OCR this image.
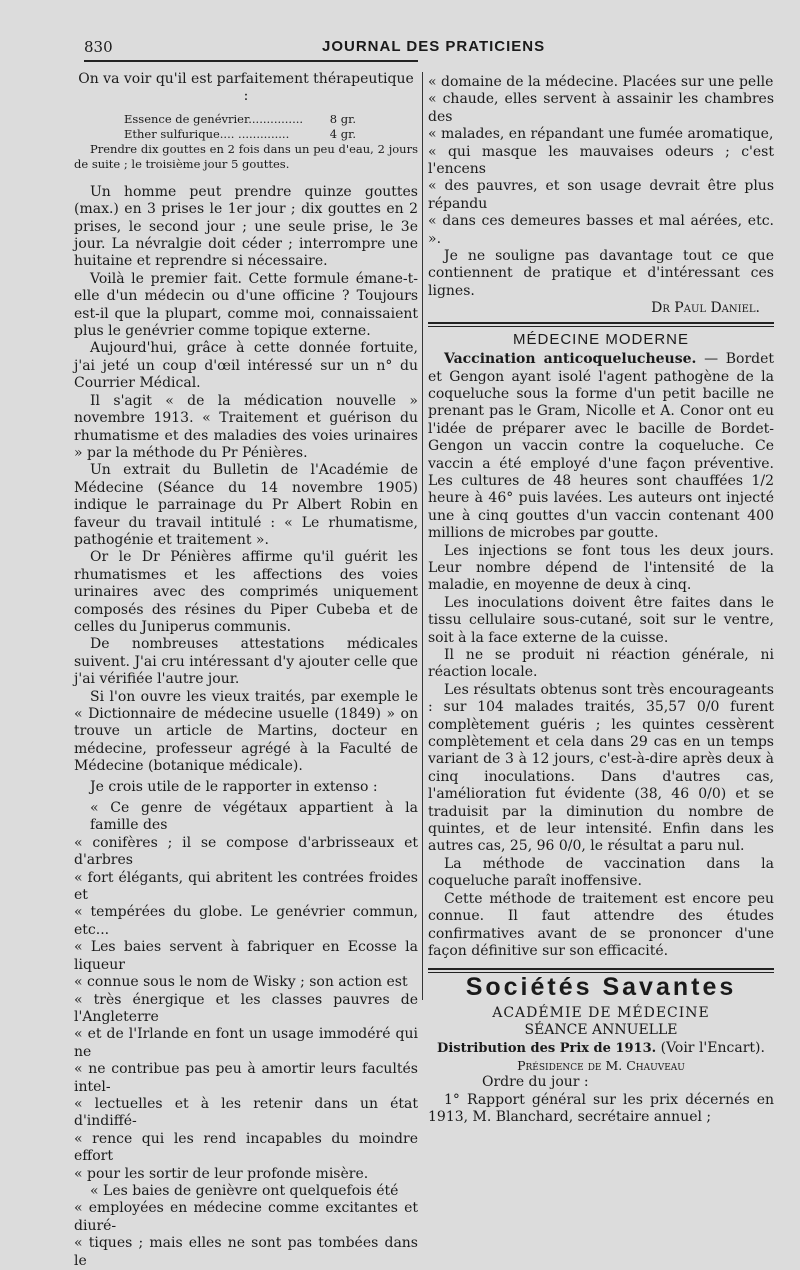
830	JOURNAL DES PRATICIENS

On va voir qu'il est parfaitement thérapeutique :

Essence de genévrier............... 8 gr.
Ether sulfurique.... ..............	4 gr.

Prendre dix gouttes en 2 fois dans un peu d'eau, 2 jours de suite ; le troisième jour 5 gouttes.

Un homme peut prendre quinze gouttes (max.) en 3 prises le 1er jour ; dix gouttes en 2 prises, le second jour ; une seule prise, le 3e jour. La névralgie doit céder ; interrompre une huitaine et reprendre si nécessaire.

Voilà le premier fait. Cette formule émane-t-elle d'un médecin ou d'une officine ? Toujours est-il que la plupart, comme moi, connaissaient plus le genévrier comme topique externe.

Aujourd'hui, grâce à cette donnée fortuite, j'ai jeté un coup d'œil intéressé sur un n° du Courrier Médical.

Il s'agit « de la médication nouvelle » novembre 1913. « Traitement et guérison du rhumatisme et des maladies des voies urinaires » par la méthode du Pr Pénières.

Un extrait du Bulletin de l'Académie de Médecine (Séance du 14 novembre 1905) indique le parrainage du Pr Albert Robin en faveur du travail intitulé : « Le rhumatisme, pathogénie et traitement ».

Or le Dr Pénières affirme qu'il guérit les rhumatismes et les affections des voies urinaires avec des comprimés uniquement composés des résines du Piper Cubeba et de celles du Juniperus communis.

De nombreuses attestations médicales suivent. J'ai cru intéressant d'y ajouter celle que j'ai vérifiée l'autre jour.

Si l'on ouvre les vieux traités, par exemple le « Dictionnaire de médecine usuelle (1849) » on trouve un article de Martins, docteur en médecine, professeur agrégé à la Faculté de Médecine (botanique médicale).

Je crois utile de le rapporter in extenso :

« Ce genre de végétaux appartient à la famille des
« conifères ; il se compose d'arbrisseaux et d'arbres
« fort élégants, qui abritent les contrées froides et
« tempérées du globe. Le genévrier commun, etc...
« Les baies servent à fabriquer en Ecosse la liqueur
« connue sous le nom de Wisky ; son action est
« très énergique et les classes pauvres de l'Angleterre
« et de l'Irlande en font un usage immodéré qui ne
« ne contribue pas peu à amortir leurs facultés intel-
« lectuelles et à les retenir dans un état d'indiffé-
« rence qui les rend incapables du moindre effort
« pour les sortir de leur profonde misère.
« Les baies de genièvre ont quelquefois été
« employées en médecine comme excitantes et diuré-
« tiques ; mais elles ne sont pas tombées dans le
« domaine de la médecine. Placées sur une pelle
« chaude, elles servent à assainir les chambres des
« malades, en répandant une fumée aromatique,
« qui masque les mauvaises odeurs ; c'est l'encens
« des pauvres, et son usage devrait être plus répandu
« dans ces demeures basses et mal aérées, etc. ».

Je ne souligne pas davantage tout ce que contiennent de pratique et d'intéressant ces lignes.

Dr Paul Daniel.

MÉDECINE MODERNE

Vaccination anticoqueluchеuse. — Bordet et Gengon ayant isolé l'agent pathogène de la coqueluche sous la forme d'un petit bacille ne prenant pas le Gram, Nicolle et A. Conor ont eu l'idée de préparer avec le bacille de Bordet-Gengon un vaccin contre la coqueluche. Ce vaccin a été employé d'une façon préventive. Les cultures de 48 heures sont chauffées 1/2 heure à 46° puis lavées. Les auteurs ont injecté une à cinq gouttes d'un vaccin contenant 400 millions de microbes par goutte.

Les injections se font tous les deux jours. Leur nombre dépend de l'intensité de la maladie, en moyenne de deux à cinq.

Les inoculations doivent être faites dans le tissu cellulaire sous-cutané, soit sur le ventre, soit à la face externe de la cuisse.

Il ne se produit ni réaction générale, ni réaction locale.

Les résultats obtenus sont très encourageants : sur 104 malades traités, 35,57 0/0 furent complètement guéris ; les quintes cessèrent complètement et cela dans 29 cas en un temps variant de 3 à 12 jours, c'est-à-dire après deux à cinq inoculations. Dans d'autres cas, l'amélioration fut évidente (38, 46 0/0) et se traduisit par la diminution du nombre de quintes, et de leur intensité. Enfin dans les autres cas, 25, 96 0/0, le résultat a paru nul.

La méthode de vaccination dans la coqueluche paraît inoffensive.

Cette méthode de traitement est encore peu connue. Il faut attendre des études confirmatives avant de se prononcer d'une façon définitive sur son efficacité.

Sociétés Savantes

ACADÉMIE DE MÉDECINE

SÉANCE ANNUELLE

Distribution des Prix de 1913. (Voir l'Encart).

Présidence de M. Chauveau

Ordre du jour :

1° Rapport général sur les prix décernés en 1913, M. Blanchard, secrétaire annuel ;
